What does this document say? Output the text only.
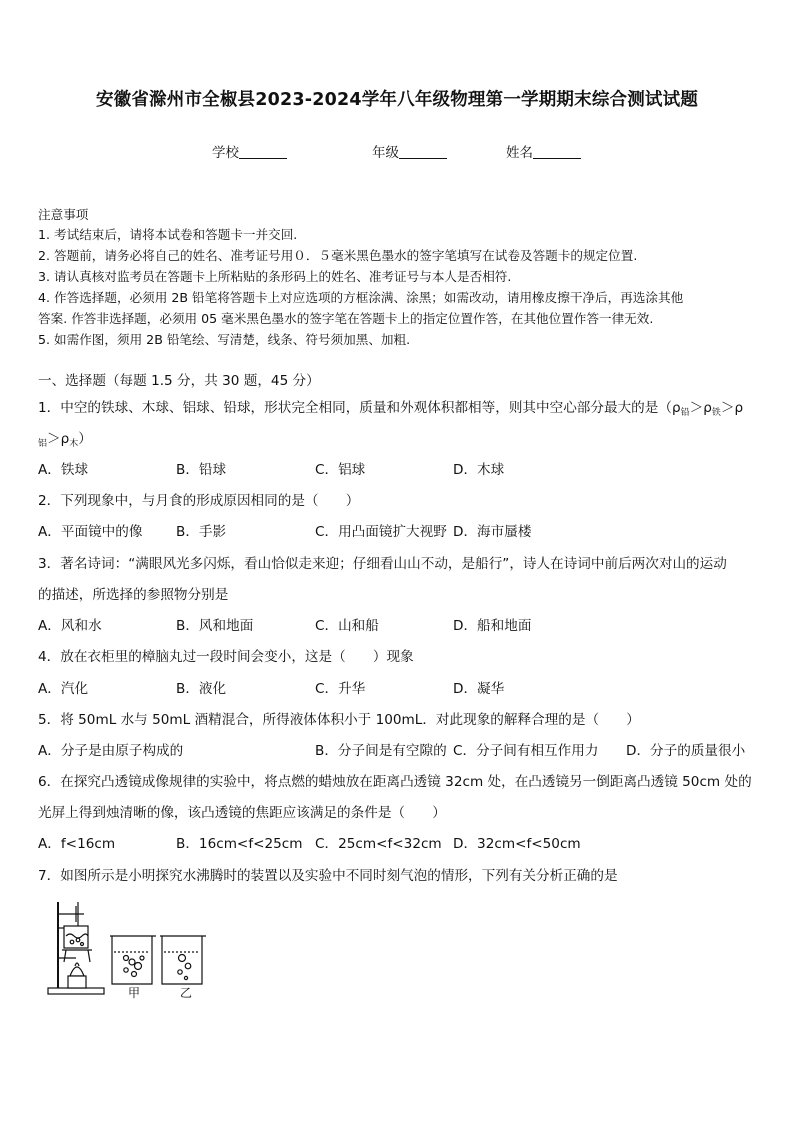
安徽省滁州市全椒县2023-2024学年八年级物理第一学期期末综合测试试题
学校	年级	姓名
注意事项
1. 考试结束后，请将本试卷和答题卡一并交回.
2. 答题前，请务必将自己的姓名、准考证号用０．５毫米黑色墨水的签字笔填写在试卷及答题卡的规定位置.
3. 请认真核对监考员在答题卡上所粘贴的条形码上的姓名、准考证号与本人是否相符.
4. 作答选择题，必须用 2B 铅笔将答题卡上对应选项的方框涂满、涂黑；如需改动，请用橡皮擦干净后，再选涂其他
答案. 作答非选择题，必须用 05 毫米黑色墨水的签字笔在答题卡上的指定位置作答，在其他位置作答一律无效.
5. 如需作图，须用 2B 铅笔绘、写清楚，线条、符号须加黑、加粗.
一、选择题（每题 1.5 分，共 30 题，45 分）
1．中空的铁球、木球、铝球、铅球，形状完全相同，质量和外观体积都相等，则其中空心部分最大的是（$\rho_铅>\rho_铁>\rho$
$_铝>\rho_木$）
A．铁球	B．铅球	C．铝球	D．木球
2．下列现象中，与月食的形成原因相同的是（　　）
A．平面镜中的像 B．手影	C．用凸面镜扩大视野 D．海市蜃楼
3．著名诗词：“满眼风光多闪烁，看山恰似走来迎；仔细看山山不动，是船行”，诗人在诗词中前后两次对山的运动
的描述，所选择的参照物分别是
A．风和水	B．风和地面	C．山和船	D．船和地面
4．放在衣柜里的樟脑丸过一段时间会变小，这是（　　）现象
A．汽化	B．液化	C．升华	D．凝华
5．将 50mL 水与 50mL 酒精混合，所得液体体积小于 100mL．对此现象的解释合理的是（　　）
A．分子是由原子构成的	B．分子间是有空隙的 C．分子间有相互作用力 D．分子的质量很小
6．在探究凸透镜成像规律的实验中，将点燃的蜡烛放在距离凸透镜 32cm 处，在凸透镜另一倒距离凸透镜 50cm 处的
光屏上得到烛清晰的像，该凸透镜的焦距应该满足的条件是（　　）
A．f<16cm	B．16cm<f<25cm C．25cm<f<32cm D．32cm<f<50cm
7．如图所示是小明探究水沸腾时的装置以及实验中不同时刻气泡的情形，下列有关分析正确的是
甲	乙
